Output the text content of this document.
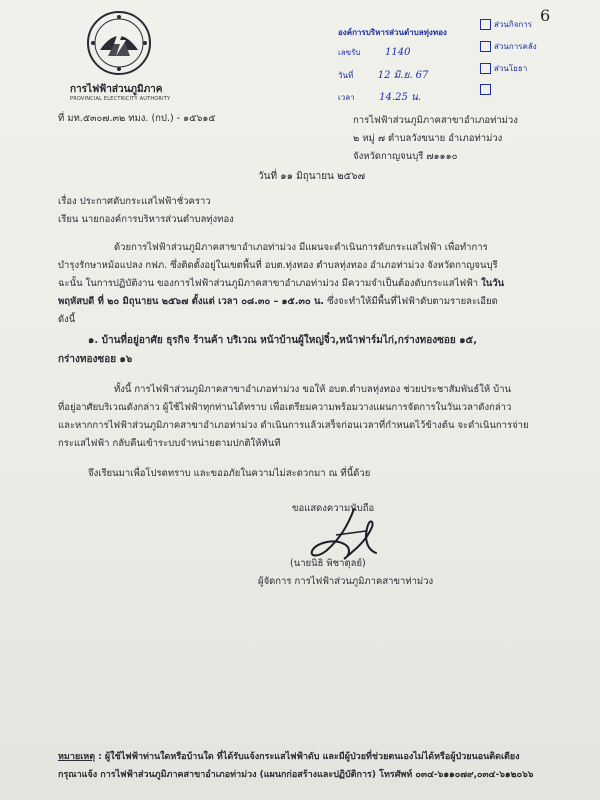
การไฟฟ้าส่วนภูมิภาค
PROVINCIAL ELECTRICITY AUTHORITY
ที่ มท.๕๓๐๗.๓๒ ทมง. (กป.) - ๑๕๖๑๕
6
องค์การบริหารส่วนตำบลทุ่งทอง
เลขรับ 1140
วันที่ 12 มิ.ย. 67
เวลา 14.25 น.
ส่วนกิจการ
ส่วนการคลัง
ส่วนโยธา
การไฟฟ้าส่วนภูมิภาคสาขาอำเภอท่าม่วง
๒ หมู่ ๗ ตำบลวังขนาย อำเภอท่าม่วง
จังหวัดกาญจนบุรี ๗๑๑๑๐
วันที่ ๑๑ มิถุนายน ๒๕๖๗
เรื่อง ประกาศดับกระแสไฟฟ้าชั่วคราว
เรียน นายกองค์การบริหารส่วนตำบลทุ่งทอง

ด้วยการไฟฟ้าส่วนภูมิภาคสาขาอำเภอท่าม่วง มีแผนจะดำเนินการดับกระแสไฟฟ้า เพื่อทำการ

บำรุงรักษาหม้อแปลง กฟภ. ซึ่งติดตั้งอยู่ในเขตพื้นที่ อบต.ทุ่งทอง ตำบลทุ่งทอง อำเภอท่าม่วง จังหวัดกาญจนบุรี

ฉะนั้น ในการปฏิบัติงาน ของการไฟฟ้าส่วนภูมิภาคสาขาอำเภอท่าม่วง มีความจำเป็นต้องดับกระแสไฟฟ้า ในวัน

พฤหัสบดี ที่ ๒๐ มิถุนายน ๒๕๖๗ ตั้งแต่ เวลา ๐๘.๓๐ – ๑๕.๓๐ น. ซึ่งจะทำให้มีพื้นที่ไฟฟ้าดับตามรายละเอียด

ดังนี้

๑. บ้านที่อยู่อาศัย ธุรกิจ ร้านค้า บริเวณ หน้าบ้านผู้ใหญ่จิ๋ว,หน้าฟาร์มไก่,กร่างทองซอย ๑๕,
กร่างทองซอย ๑๖

ทั้งนี้ การไฟฟ้าส่วนภูมิภาคสาขาอำเภอท่าม่วง ขอให้ อบต.ตำบลทุ่งทอง ช่วยประชาสัมพันธ์ให้ บ้าน

ที่อยู่อาศัยบริเวณดังกล่าว ผู้ใช้ไฟฟ้าทุกท่านได้ทราบ เพื่อเตรียมความพร้อมวางแผนการจัดการในวันเวลาดังกล่าว

และหากการไฟฟ้าส่วนภูมิภาคสาขาอำเภอท่าม่วง ดำเนินการแล้วเสร็จก่อนเวลาที่กำหนดไว้ข้างต้น จะดำเนินการจ่าย

กระแสไฟฟ้า กลับคืนเข้าระบบจำหน่ายตามปกติให้ทันที

จึงเรียนมาเพื่อโปรดทราบ และขออภัยในความไม่สะดวกมา ณ ที่นี้ด้วย
ขอแสดงความนับถือ
(นายนิธิ พิชาตุลย์)
ผู้จัดการ การไฟฟ้าส่วนภูมิภาคสาขาท่าม่วง
หมายเหตุ : ผู้ใช้ไฟฟ้าท่านใดหรือบ้านใด ที่ได้รับแจ้งกระแสไฟฟ้าดับ และมีผู้ป่วยที่ช่วยตนเองไม่ได้หรือผู้ป่วยนอนติดเตียง
กรุณาแจ้ง การไฟฟ้าส่วนภูมิภาคสาขาอำเภอท่าม่วง (แผนกก่อสร้างและปฏิบัติการ) โทรศัพท์ ๐๓๔-๖๑๑๐๗๙,๐๓๔-๖๑๒๐๖๖
